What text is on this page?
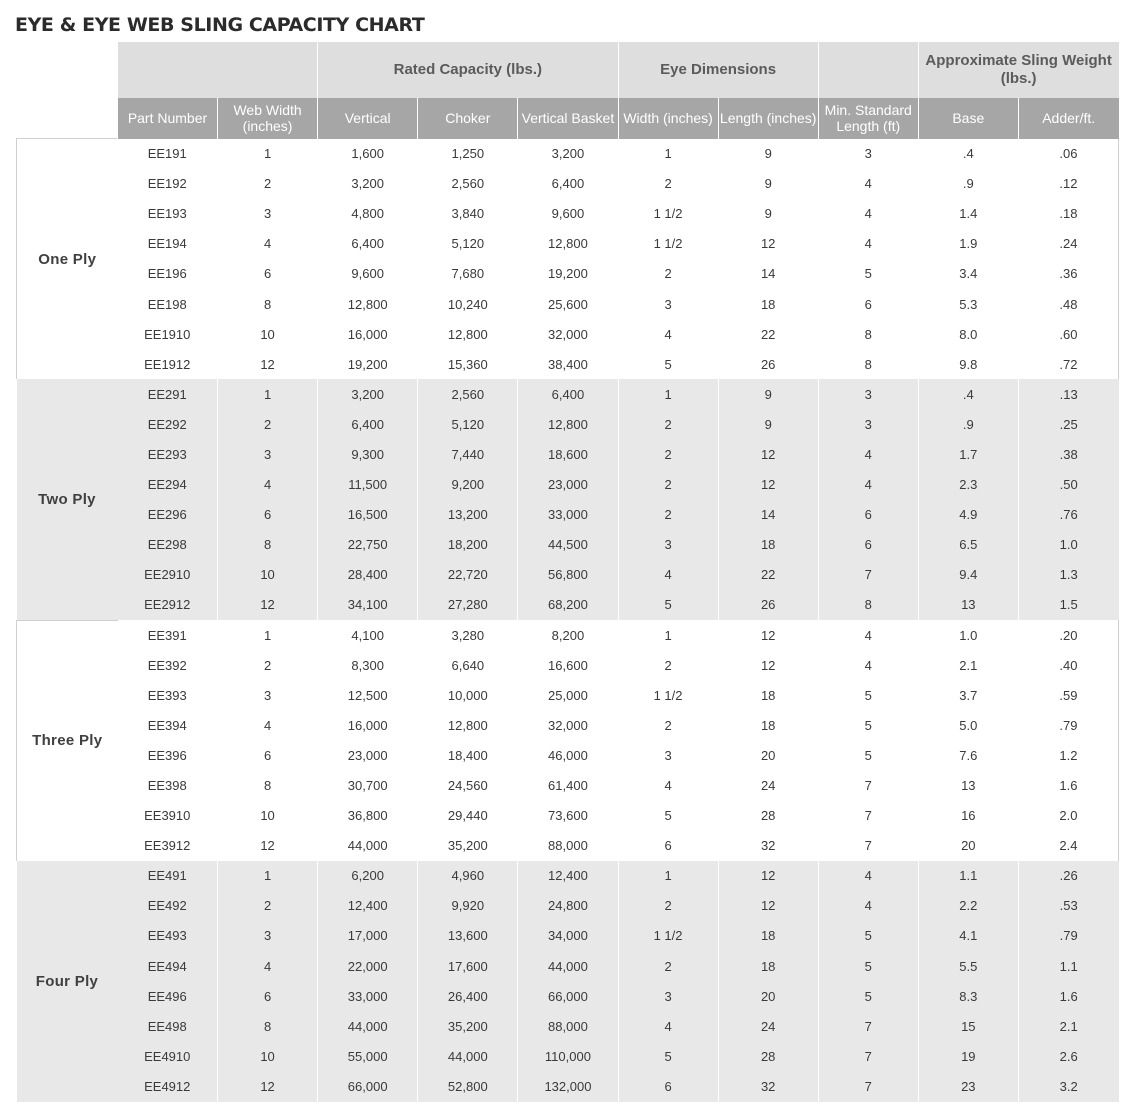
EYE & EYE WEB SLING CAPACITY CHART
			Rated Capacity (lbs.)			Eye Dimensions			Approximate Sling Weight (lbs.)	
	Part Number	Web Width (inches)	Vertical	Choker	Vertical Basket	Width (inches)	Length (inches)	Min. Standard Length (ft)	Base	Adder/ft.
One Ply	EE191	1	1,600	1,250	3,200	1	9	3	.4	.06
	EE192	2	3,200	2,560	6,400	2	9	4	.9	.12
	EE193	3	4,800	3,840	9,600	1 1/2	9	4	1.4	.18
	EE194	4	6,400	5,120	12,800	1 1/2	12	4	1.9	.24
	EE196	6	9,600	7,680	19,200	2	14	5	3.4	.36
	EE198	8	12,800	10,240	25,600	3	18	6	5.3	.48
	EE1910	10	16,000	12,800	32,000	4	22	8	8.0	.60
	EE1912	12	19,200	15,360	38,400	5	26	8	9.8	.72
Two Ply	EE291	1	3,200	2,560	6,400	1	9	3	.4	.13
	EE292	2	6,400	5,120	12,800	2	9	3	.9	.25
	EE293	3	9,300	7,440	18,600	2	12	4	1.7	.38
	EE294	4	11,500	9,200	23,000	2	12	4	2.3	.50
	EE296	6	16,500	13,200	33,000	2	14	6	4.9	.76
	EE298	8	22,750	18,200	44,500	3	18	6	6.5	1.0
	EE2910	10	28,400	22,720	56,800	4	22	7	9.4	1.3
	EE2912	12	34,100	27,280	68,200	5	26	8	13	1.5
Three Ply	EE391	1	4,100	3,280	8,200	1	12	4	1.0	.20
	EE392	2	8,300	6,640	16,600	2	12	4	2.1	.40
	EE393	3	12,500	10,000	25,000	1 1/2	18	5	3.7	.59
	EE394	4	16,000	12,800	32,000	2	18	5	5.0	.79
	EE396	6	23,000	18,400	46,000	3	20	5	7.6	1.2
	EE398	8	30,700	24,560	61,400	4	24	7	13	1.6
	EE3910	10	36,800	29,440	73,600	5	28	7	16	2.0
	EE3912	12	44,000	35,200	88,000	6	32	7	20	2.4
Four Ply	EE491	1	6,200	4,960	12,400	1	12	4	1.1	.26
	EE492	2	12,400	9,920	24,800	2	12	4	2.2	.53
	EE493	3	17,000	13,600	34,000	1 1/2	18	5	4.1	.79
	EE494	4	22,000	17,600	44,000	2	18	5	5.5	1.1
	EE496	6	33,000	26,400	66,000	3	20	5	8.3	1.6
	EE498	8	44,000	35,200	88,000	4	24	7	15	2.1
	EE4910	10	55,000	44,000	110,000	5	28	7	19	2.6
	EE4912	12	66,000	52,800	132,000	6	32	7	23	3.2
